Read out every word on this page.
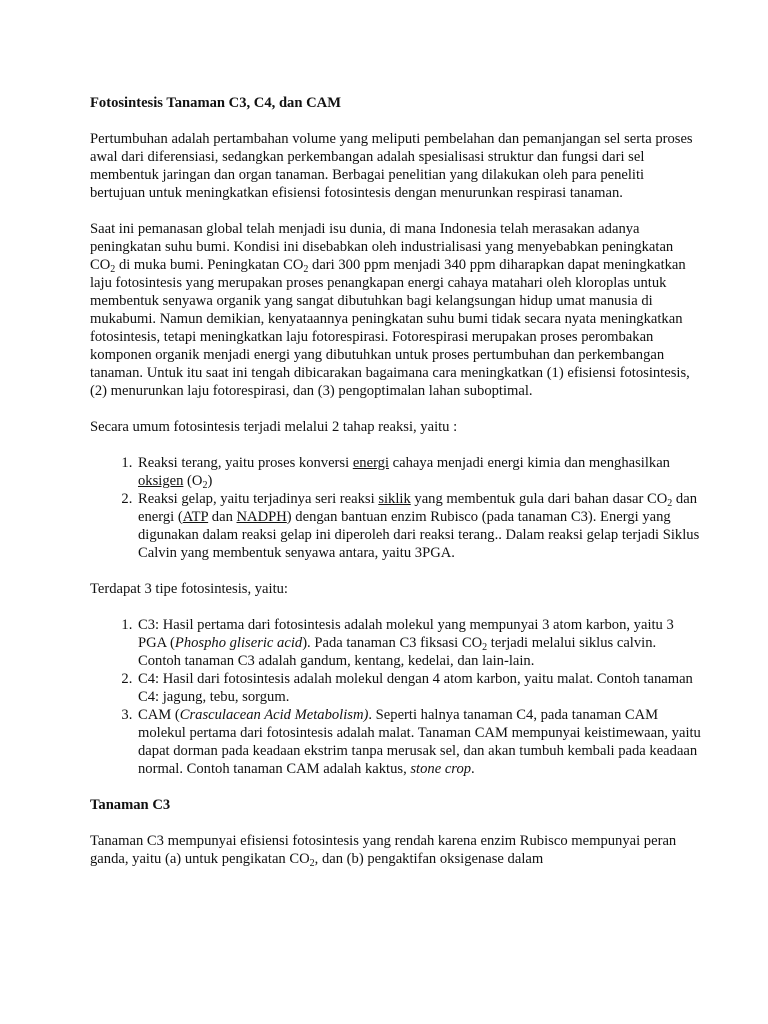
Fotosintesis Tanaman C3, C4, dan CAM

Pertumbuhan adalah pertambahan volume yang meliputi pembelahan dan pemanjangan sel serta proses awal dari diferensiasi, sedangkan perkembangan adalah spesialisasi struktur dan fungsi dari sel membentuk jaringan dan organ tanaman. Berbagai penelitian yang dilakukan oleh para peneliti bertujuan untuk meningkatkan efisiensi fotosintesis dengan menurunkan respirasi tanaman.

Saat ini pemanasan global telah menjadi isu dunia, di mana Indonesia telah merasakan adanya peningkatan suhu bumi. Kondisi ini disebabkan oleh industrialisasi yang menyebabkan peningkatan $CO_2$ di muka bumi. Peningkatan $CO_2$ dari 300 ppm menjadi 340 ppm diharapkan dapat meningkatkan laju fotosintesis yang merupakan proses penangkapan energi cahaya matahari oleh kloroplas untuk membentuk senyawa organik yang sangat dibutuhkan bagi kelangsungan hidup umat manusia di mukabumi. Namun demikian, kenyataannya peningkatan suhu bumi tidak secara nyata meningkatkan fotosintesis, tetapi meningkatkan laju fotorespirasi. Fotorespirasi merupakan proses perombakan komponen organik menjadi energi yang dibutuhkan untuk proses pertumbuhan dan perkembangan tanaman. Untuk itu saat ini tengah dibicarakan bagaimana cara meningkatkan (1) efisiensi fotosintesis, (2) menurunkan laju fotorespirasi, dan (3) pengoptimalan lahan suboptimal.

Secara umum fotosintesis terjadi melalui 2 tahap reaksi, yaitu :

1. Reaksi terang, yaitu proses konversi energi cahaya menjadi energi kimia dan menghasilkan oksigen $(O_2)$
2. Reaksi gelap, yaitu terjadinya seri reaksi siklik yang membentuk gula dari bahan dasar $CO_2$ dan energi (ATP dan NADPH) dengan bantuan enzim Rubisco (pada tanaman C3). Energi yang digunakan dalam reaksi gelap ini diperoleh dari reaksi terang.. Dalam reaksi gelap terjadi Siklus Calvin yang membentuk senyawa antara, yaitu 3PGA.

Terdapat 3 tipe fotosintesis, yaitu:

1. C3: Hasil pertama dari fotosintesis adalah molekul yang mempunyai 3 atom karbon, yaitu 3 PGA (Phospho gliseric acid). Pada tanaman C3 fiksasi $CO_2$ terjadi melalui siklus calvin. Contoh tanaman C3 adalah gandum, kentang, kedelai, dan lain-lain.
2. C4: Hasil dari fotosintesis adalah molekul dengan 4 atom karbon, yaitu malat. Contoh tanaman C4: jagung, tebu, sorgum.
3. CAM (Crasculacean Acid Metabolism). Seperti halnya tanaman C4, pada tanaman CAM molekul pertama dari fotosintesis adalah malat. Tanaman CAM mempunyai keistimewaan, yaitu dapat dorman pada keadaan ekstrim tanpa merusak sel, dan akan tumbuh kembali pada keadaan normal. Contoh tanaman CAM adalah kaktus, stone crop.
Tanaman C3

Tanaman C3 mempunyai efisiensi fotosintesis yang rendah karena enzim Rubisco mempunyai peran ganda, yaitu (a) untuk pengikatan $CO_2$, dan (b) pengaktifan oksigenase dalam
